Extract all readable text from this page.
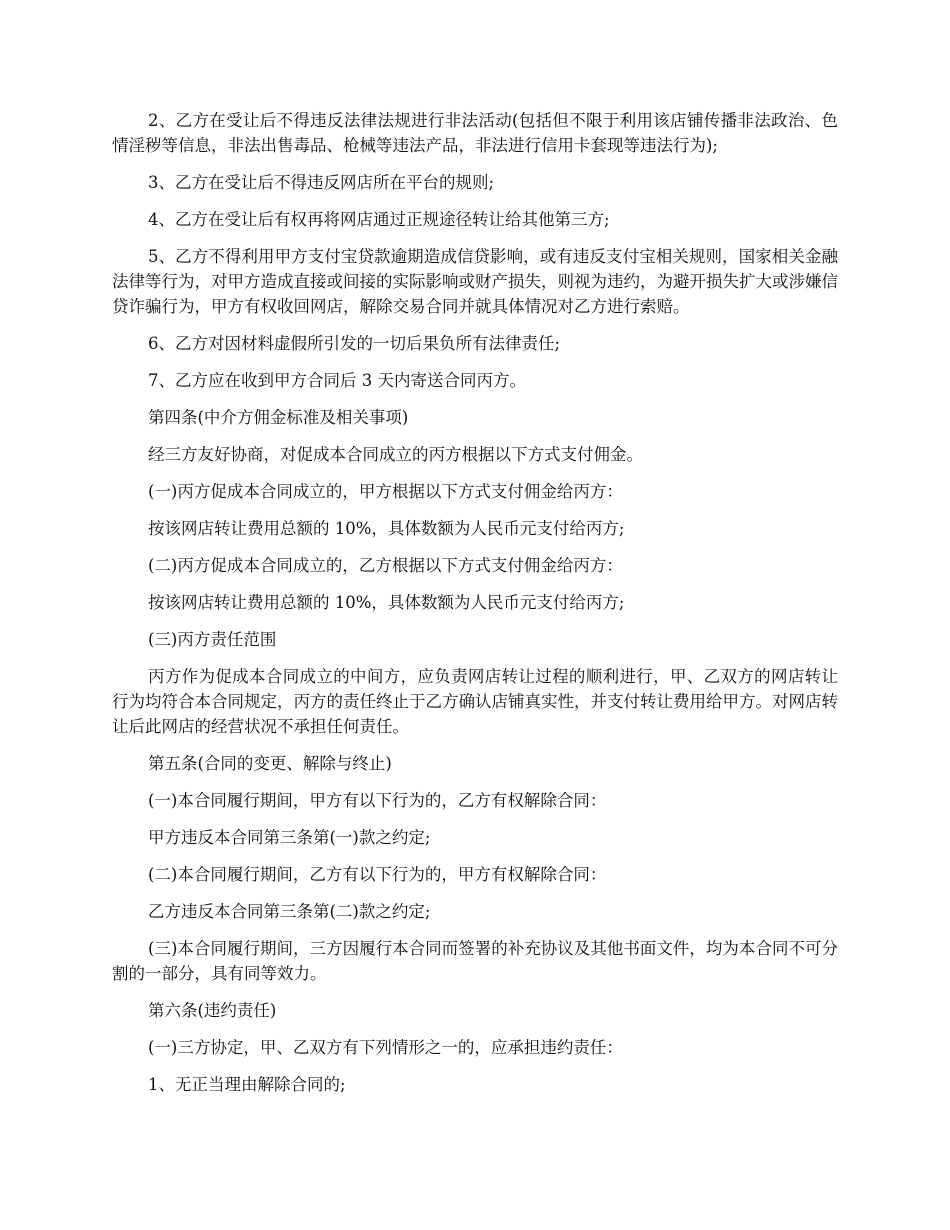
2、乙方在受让后不得违反法律法规进行非法活动(包括但不限于利用该店铺传播非法政治、色情淫秽等信息，非法出售毒品、枪械等违法产品，非法进行信用卡套现等违法行为);

3、乙方在受让后不得违反网店所在平台的规则;

4、乙方在受让后有权再将网店通过正规途径转让给其他第三方;

5、乙方不得利用甲方支付宝贷款逾期造成信贷影响，或有违反支付宝相关规则，国家相关金融法律等行为，对甲方造成直接或间接的实际影响或财产损失，则视为违约，为避开损失扩大或涉嫌信贷诈骗行为，甲方有权收回网店，解除交易合同并就具体情况对乙方进行索赔。

6、乙方对因材料虚假所引发的一切后果负所有法律责任;

7、乙方应在收到甲方合同后 3 天内寄送合同丙方。

第四条(中介方佣金标准及相关事项)

经三方友好协商，对促成本合同成立的丙方根据以下方式支付佣金。

(一)丙方促成本合同成立的，甲方根据以下方式支付佣金给丙方：

按该网店转让费用总额的 10%，具体数额为人民币元支付给丙方;

(二)丙方促成本合同成立的，乙方根据以下方式支付佣金给丙方：

按该网店转让费用总额的 10%，具体数额为人民币元支付给丙方;

(三)丙方责任范围

丙方作为促成本合同成立的中间方，应负责网店转让过程的顺利进行，甲、乙双方的网店转让行为均符合本合同规定，丙方的责任终止于乙方确认店铺真实性，并支付转让费用给甲方。对网店转让后此网店的经营状况不承担任何责任。

第五条(合同的变更、解除与终止)

(一)本合同履行期间，甲方有以下行为的，乙方有权解除合同：

甲方违反本合同第三条第(一)款之约定;

(二)本合同履行期间，乙方有以下行为的，甲方有权解除合同：

乙方违反本合同第三条第(二)款之约定;

(三)本合同履行期间，三方因履行本合同而签署的补充协议及其他书面文件，均为本合同不可分割的一部分，具有同等效力。

第六条(违约责任)

(一)三方协定，甲、乙双方有下列情形之一的，应承担违约责任：

1、无正当理由解除合同的;
